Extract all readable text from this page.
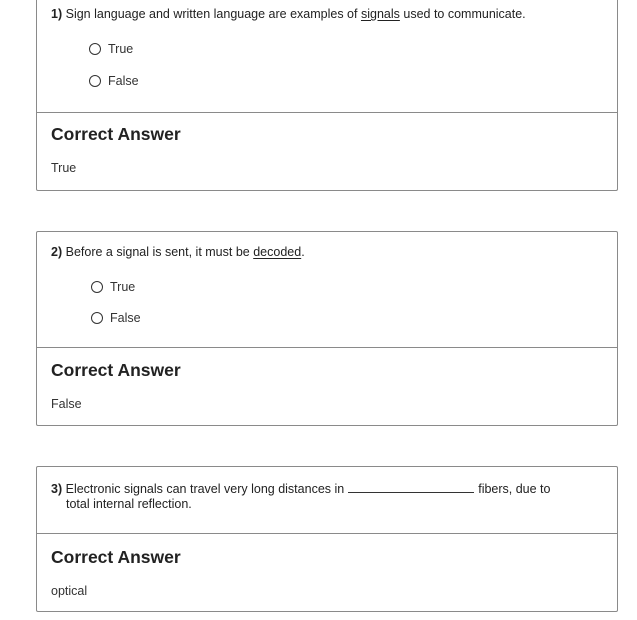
1) Sign language and written language are examples of signals used to communicate.
True
False
Correct Answer
True
2) Before a signal is sent, it must be decoded.
True
False
Correct Answer
False
3) Electronic signals can travel very long distances in	fibers, due to
total internal reflection.
Correct Answer
optical
